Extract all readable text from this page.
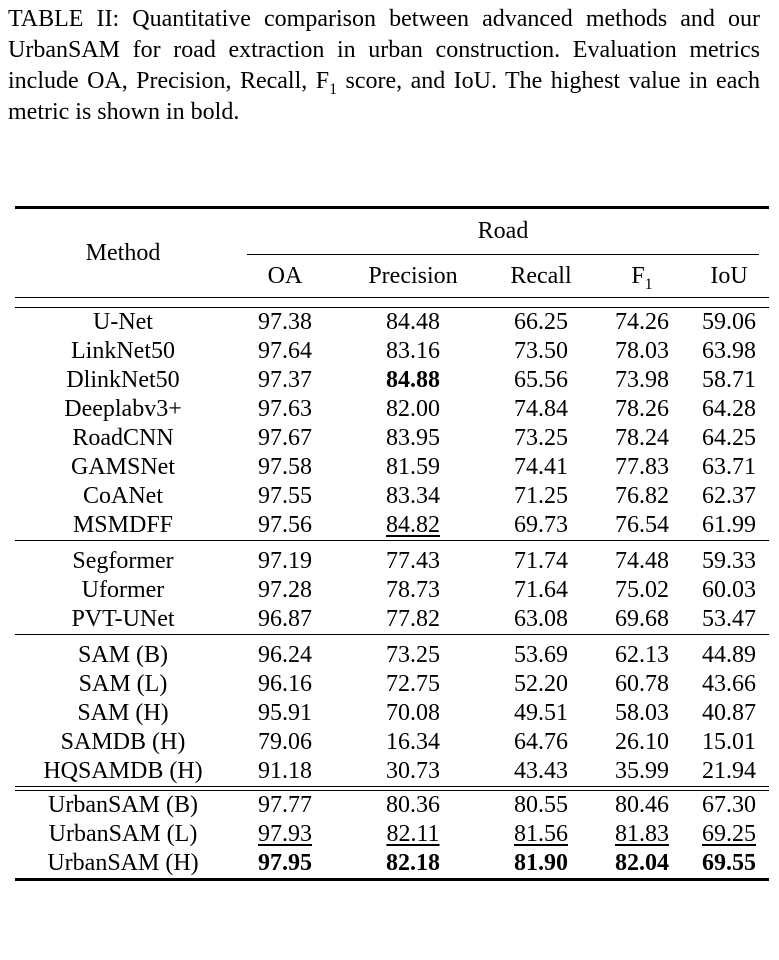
TABLE II: Quantitative comparison between advanced methods and our UrbanSAM for road extraction in urban construction. Evaluation metrics include OA, Precision, Recall, $F_1$ score, and IoU. The highest value in each metric is shown in bold.
Method	Road				

	OA	Precision	Recall	$F_1$	IoU

U-Net	97.38	84.48	66.25	74.26	59.06
LinkNet50	97.64	83.16	73.50	78.03	63.98
DlinkNet50	97.37	84.88	65.56	73.98	58.71
Deeplabv3+	97.63	82.00	74.84	78.26	64.28
RoadCNN	97.67	83.95	73.25	78.24	64.25
GAMSNet	97.58	81.59	74.41	77.83	63.71
CoANet	97.55	83.34	71.25	76.82	62.37
MSMDFF	97.56	84.82	69.73	76.54	61.99

Segformer	97.19	77.43	71.74	74.48	59.33
Uformer	97.28	78.73	71.64	75.02	60.03
PVT-UNet	96.87	77.82	63.08	69.68	53.47

SAM (B)	96.24	73.25	53.69	62.13	44.89
SAM (L)	96.16	72.75	52.20	60.78	43.66
SAM (H)	95.91	70.08	49.51	58.03	40.87
SAMDB (H)	79.06	16.34	64.76	26.10	15.01
HQSAMDB (H)	91.18	30.73	43.43	35.99	21.94

UrbanSAM (B)	97.77	80.36	80.55	80.46	67.30
UrbanSAM (L)	97.93	82.11	81.56	81.83	69.25
UrbanSAM (H)	97.95	82.18	81.90	82.04	69.55
